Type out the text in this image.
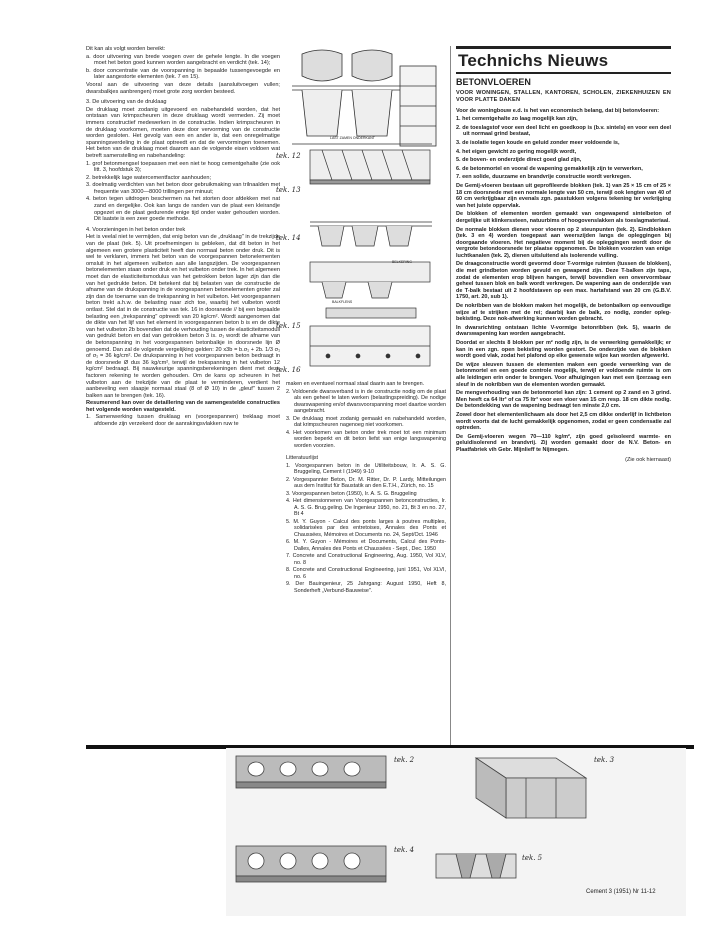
Dit kan als volgt worden bereikt:

a. door uitvoering van brede voegen over de gehele lengte. In die voegen moet het beton goed kunnen worden aangebracht en verdicht (tek. 14);

b. door concentratie van de voorspanning in bepaalde tussengevoegde en later aangestorte elementen (tek. 7 en 15).

Vooral aan de uitvoering van deze details (aansluitvoegen vullen; dwarsbalkjes aanbrengen) moet grote zorg worden besteed.

3. De uitvoering van de druklaag

De druklaag moet zodanig uitgevoerd en nabehandeld worden, dat het ontstaan van krimpscheuren in deze druklaag wordt vermeden. Zij moet immers constructief medewerken in de constructie. Indien krimpscheuren in de druklaag voorkomen, moeten deze door vervorming van de constructie worden gesloten. Het gevolg van een en ander is, dat een onregelmatige spanningsverdeling in de plaat optreedt en dat de vervormingen toenemen. Het beton van de druklaag moet daarom aan de volgende eisen voldoen wat betreft samenstelling en nabehandeling:

1. grof betonmengsel toepassen met een niet te hoog cementgehalte (zie ook litt. 3, hoofdstuk 3);

2. betrekkelijk lage watercementfactor aanhouden;

3. doelmatig verdichten van het beton door gebruikmaking van trilnaalden met frequentie van 3000—8000 trillingen per minuut;

4. beton tegen uitdrogen beschermen na het storten door afdekken met nat zand en dergelijke. Ook kan langs de randen van de plaat een kleirandje opgezet en de plaat gedurende enige tijd onder water gehouden worden. Dit laatste is een zeer goede methode.

4. Voorzieningen in het beton onder trek

Het is veelal niet te vermijden, dat enig beton van de „druklaag" in de trekzijde van de plaat (tek. 5). Uit proefnemingen is gebleken, dat dit beton in het algemeen een grotere plasticiteit heeft dan normaal beton onder druk. Dit is wel te verklaren, immers het beton van de voorgespannen betonelementen omsluit in het algemeen vulbeton aan alle langszijden. De voorgespannen betonelementen staan onder druk en het vulbeton onder trek. In het algemeen moet dan de elasticiteitsmodulus van het getrokken beton lager zijn dan die van het gedrukte beton. Dit betekent dat bij belasten van de constructie de afname van de drukspanning in de voorgespannen betonelementen groter zal zijn dan de toename van de trekspanning in het vulbeton. Het voorgespannen beton trekt a.h.w. de belasting naar zich toe, waarbij het vulbeton wordt ontlast. Stel dat in de constructie van tek. 16 in dooranede // bij een bepaalde belasting een „trekspanning" optreedt van 20 kg/cm². Wordt aangenomen dat de dikte van het lijf van het element in voorgespannen beton b is en de dikte van het vulbeton 2b bovendien dat de verhouding tussen de elasticiteitsmoduli van gedrukt beton en dat van getrokken beton 3 is. σ₁ wordt de afname van de betonspanning in het voorgespannen betonbalkje in doorsnede lijn Ø genoemd. Dan zal de volgende vergelijking gelden: 20 x3b = b.σ₁ + 2b. 1/3 σ₁ of σ₁ = 36 kg/cm². De drukspanning in het voorgespannen beton bedraagt in de doorsnede Ø dus 36 kg/cm², terwijl de trekspanning in het vulbeton 12 kg/cm² bedraagt. Bij nauwkeurige spanningsberekeningen dient met deze factoren rekening te worden gehouden. Om de kans op scheuren in het vulbeton aan de trekzijde van de plaat te verminderen, verdient het aanbeveling een slaapje normaal staal (8 of Ø 10) in de „gleuf" tussen 2 balken aan te brengen (tek. 16).

Resumerend kan over de detaillering van de samengestelde constructies het volgende worden vastgesteld.

1. Samenwerking tussen druklaag en (voorgespannen) treklaag moet afdoende zijn verzekerd door de aanrakingsvlakken ruw te

tek. 12
tek. 13
tek. 14
tek. 15
tek. 16
LAST ZAMEN ONDERKANT
BELKERING
BALKFLENS

maken en eventueel normaal staal daarin aan te brengen.

2. Voldoende dwarsverband is in de constructie nodig om de plaat als een geheel te laten werken (belastingspreiding). De nodige dwarswapening en/of dwarsvoorspanning moet daartoe worden aangebracht.

3. De druklaag moet zodanig gemaakt en nabehandeld worden, dat krimpscheuren nagenoeg niet voorkomen.

4. Het voorkomen van beton onder trek moet tot een minimum worden beperkt en dit beton liefst van enige langswapening worden voorzien.

Litteratuurlijst

1. Voorgespannen beton in de Utiliteitsbouw, Ir. A. S. G. Bruggeling, Cement I (1949) 9-10

2. Vorgespannter Beton, Dr. M. Ritter, Dr. P. Lardy, Mitteilungen aus dem Institut für Baustatik an den E.T.H., Zürich, no. 15

3. Voorgespannen beton (1950), Ir. A. S. G. Bruggeling

4. Het dimensionneren van Voorgespannen betonconstructies, Ir. A. S. G. Brug.geling. De Ingenieur 1950, no. 21, Bt 3 en no. 27, Bt 4

5. M. Y. Guyon - Calcul des ponts larges à poutres multiples, solidarisées par des entretoises, Annales des Ponts et Chaussées, Mémoires et Documents no. 24, Sept/Oct. 1946

6. M. Y. Guyon - Mémoires et Documents, Calcul des Ponts-Dalles, Annales des Ponts et Chaussées - Sept., Dec. 1950

7. Concrete and Constructional Engineering, Aug. 1950, Vol XLV, no. 8

8. Concrete and Constructional Engineering, juni 1951, Vol XLVI, no. 6

9. Der Bauingenieur, 25 Jahrgang: August 1950, Heft 8, Sonderheft „Verbund-Bauweise".

Technichs Nieuws
BETONVLOEREN
VOOR WONINGEN, STALLEN, KANTOREN, SCHOLEN, ZIEKENHUIZEN EN VOOR PLATTE DAKEN

Voor de woningbouw e.d. is het van economisch belang, dat bij betonvloeren:

1. het cementgehalte zo laag mogelijk kan zijn,

2. de toeslagstof voor een deel licht en goedkoop is (b.v. sintels) en voor een deel uit normaal grind bestaat,

3. de isolatie tegen koude en geluid zonder meer voldoende is,

4. het eigen gewicht zo gering mogelijk wordt,

5. de boven- en onderzijde direct goed glad zijn,

6. de betonmortel en vooral de wapening gemakkelijk zijn te verwerken,

7. een solide, duurzame en brandvrije constructie wordt verkregen.

De Gemij-vloeren bestaan uit geprofileerde blokken (tek. 1) van 25 × 15 cm of 25 × 18 cm doorsnede met een normale lengte van 50 cm, terwijl ook lengten van 40 of 60 cm verkrijgbaar zijn evenals zgn. passtukken volgens tekening ter verkrijging van het juiste oppervlak.

De blokken of elementen worden gemaakt van ongewapend sintelbeton of dergelijke uit klinkerssteen, natuurbims of hoogovenslakken als toeslagmateriaal.

De normale blokken dienen voor vloeren op 2 steunpunten (tek. 2). Eindblokken (tek. 3 en 4) worden toegepast aan weerszijden langs de opleggingen bij doorgaande vloeren. Het negatieve moment bij de opleggingen wordt door de vergrote betondoorsnede ter plaatse opgenomen. De blokken voorzien van enige luchtkanalen (tek. 2), dienen uitsluitend als isolerende vulling.

De draagconstructie wordt gevormd door T-vormige ruimten (tussen de blokken), die met grindbeton worden gevuld en gewapend zijn. Deze T-balken zijn taps, zodat de elementen erop blijven hangen, terwijl bovendien een onvervormbaar geheel tussen blok en balk wordt verkregen. De wapening aan de onderzijde van de T-balk bestaat uit 2 hoofdstaven op een max. hartafstand van 20 cm (G.B.V. 1750, art. 20, sub 1).

De nokribben van de blokken maken het mogelijk, de betonbalken op eenvoudige wijze af te strijken met de rei; daarbij kan de balk, zo nodig, zonder opleg-bekisting. Deze nok-afwerking kunnen worden gebracht.

In dwarsrichting ontstaan lichte V-vormige betonribben (tek. 5), waarin de dwarswapening kan worden aangebracht.

Doordat er slechts 8 blokken per m² nodig zijn, is de verwerking gemakkelijk; er kan in een zgn. open bekisting worden gestort. De onderzijde van de blokken wordt goed vlak, zodat het plafond op elke gewenste wijze kan worden afgewerkt.

De wijze sleuven tussen de elementen maken een goede verwerking van de betonmortel en een goede controle mogelijk, terwijl er voldoende ruimte is om alle leidingen erin onder te brengen. Voor afhuigingen kan met een ijzerzaag een sleuf in de nokribben van de elementen worden gemaakt.

De mengverhouding van de betonmortel kan zijn: 1 cement op 2 zand en 3 grind. Men heeft ca 64 ltr³ of ca 75 ltr³ voor een vloer van 15 cm resp. 18 cm dikte nodig. De betondekking van de wapening bedraagt ten minste 2,0 cm.

Zowel door het elementenlichaam als door het 2,5 cm dikke onderlijf in lichtbeton wordt voorts dat de lucht gemakkelijk opgenomen, zodat er geen condensatie zal optreden.

De Gemij-vloeren wegen 70—110 kg/m², zijn goed geïsoleerd warmte- en geluidisolerend en brandvrij. Zij worden gemaakt door de N.V. Beton- en Plaatfabriek vih Gebr. Mijnlieff te Nijmegen.

(Zie ook hiernaast)

tek. 2	tek. 3
tek. 4
tek. 5
Cement 3 (1951) Nr 11-12
